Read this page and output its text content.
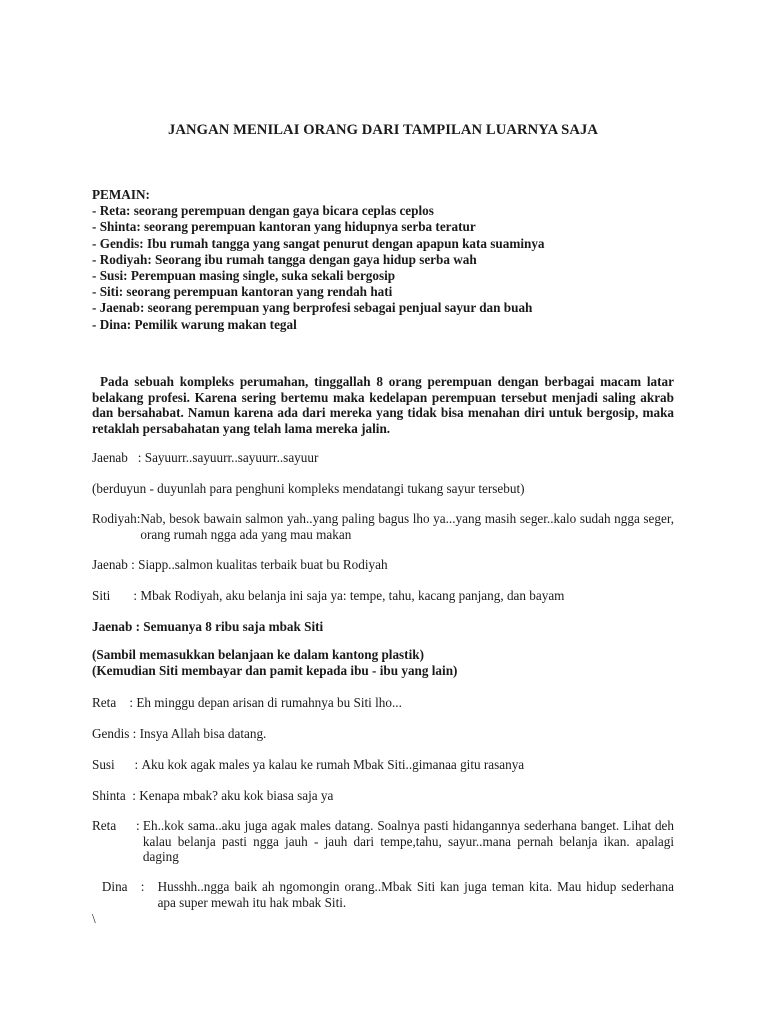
JANGAN MENILAI ORANG DARI TAMPILAN LUARNYA SAJA
PEMAIN:
- Reta: seorang perempuan dengan gaya bicara ceplas ceplos
- Shinta: seorang perempuan kantoran yang hidupnya serba teratur
- Gendis: Ibu rumah tangga yang sangat penurut dengan apapun kata suaminya
- Rodiyah: Seorang ibu rumah tangga dengan gaya hidup serba wah
- Susi: Perempuan masing single, suka sekali bergosip
- Siti: seorang perempuan kantoran yang rendah hati
- Jaenab: seorang perempuan yang berprofesi sebagai penjual sayur dan buah
- Dina: Pemilik warung makan tegal
Pada sebuah kompleks perumahan, tinggallah 8 orang perempuan dengan berbagai macam latar belakang profesi. Karena sering bertemu maka kedelapan perempuan tersebut menjadi saling akrab dan bersahabat. Namun karena ada dari mereka yang tidak bisa menahan diri untuk bergosip, maka retaklah persabahatan yang telah lama mereka jalin.
Jaenab   : Sayuurr..sayuurr..sayuurr..sayuur
(berduyun - duyunlah para penghuni kompleks mendatangi tukang sayur tersebut)
Rodiyah: Nab, besok bawain salmon yah..yang paling bagus lho ya...yang masih seger..kalo sudah ngga seger, orang rumah ngga ada yang mau makan
Jaenab : Siapp..salmon kualitas terbaik buat bu Rodiyah
Siti       : Mbak Rodiyah, aku belanja ini saja ya: tempe, tahu, kacang panjang, dan bayam
Jaenab : Semuanya 8 ribu saja mbak Siti
(Sambil memasukkan belanjaan ke dalam kantong plastik)
(Kemudian Siti membayar dan pamit kepada ibu - ibu yang lain)
Reta    : Eh minggu depan arisan di rumahnya bu Siti lho...
Gendis : Insya Allah bisa datang.
Susi      : Aku kok agak males ya kalau ke rumah Mbak Siti..gimanaa gitu rasanya
Shinta  : Kenapa mbak? aku kok biasa saja ya
Reta      : Eh..kok sama..aku juga agak males datang. Soalnya pasti hidangannya sederhana banget. Lihat deh kalau belanja pasti ngga jauh - jauh dari tempe,tahu, sayur..mana pernah belanja ikan. apalagi daging
Dina    : Husshh..ngga baik ah ngomongin orang..Mbak Siti kan juga teman kita. Mau hidup sederhana apa super mewah itu hak mbak Siti.
\
